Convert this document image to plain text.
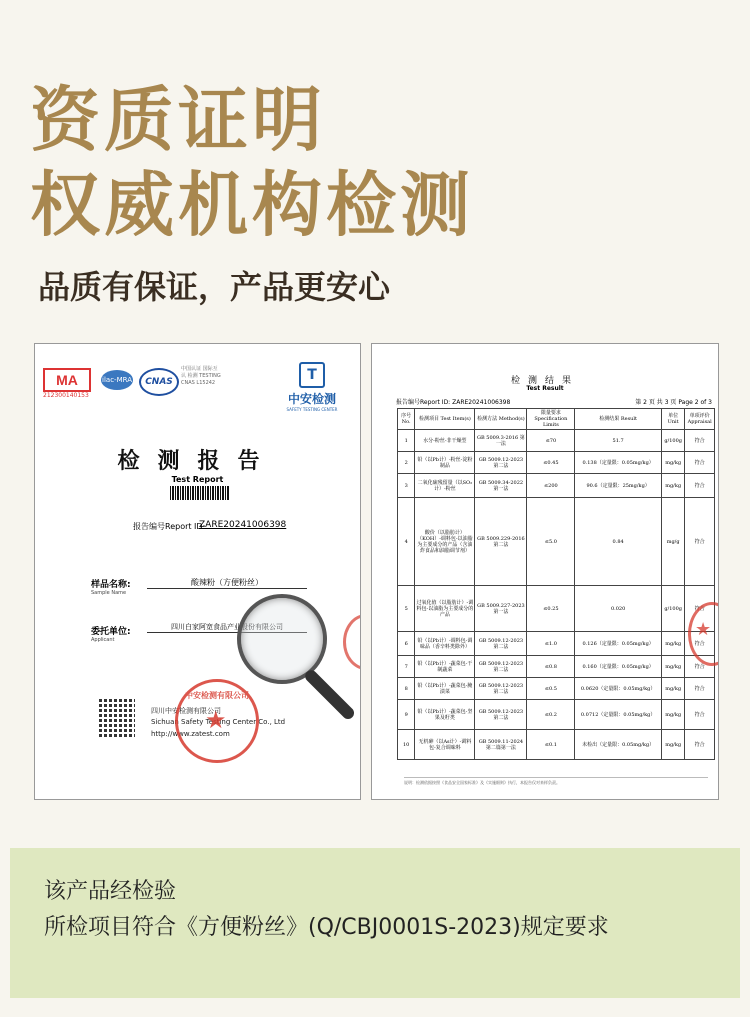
资质证明
权威机构检测
品质有保证，产品更安心
MA
212300140153
ilac-MRA	CNAS
中国认证 国际互认 检测 TESTING CNAS L15242	T
中安检测
SAFETY TESTING CENTER
检测报告
Test Report
报告编号Report ID:
ZARE20241006398
样品名称:
Sample Name
酸辣粉（方便粉丝）
委托单位:
Applicant
四川白家阿宽食品产业股份有限公司
四川中安检测有限公司
Sichuan Safety Testing Center Co., Ltd
http://www.zatest.com
中安检测有限公司
★
检测结果
Test Result
报告编号Report ID: ZARE20241006398	第 2 页 共 3 页 Page 2 of 3
序号 No.	检测项目 Test Item(s)	检测方法 Method(s)	限量要求 Specification Limits	检测结果 Result	单位 Unit	单项评价 Appraisal
1	水分-粉丝-非干燥型	GB 5009.3-2016 第一法	≤70	51.7	g/100g	符合
2	铅（以Pb计）-粉丝-淀粉制品	GB 5009.12-2023 第二法	≤0.45	0.138（定量限：0.05mg/kg）	mg/kg	符合
3	二氧化硫残留量（以SO₂计）-粉丝	GB 5009.34-2022 第一法	≤200	90.6（定量限：25mg/kg）	mg/kg	符合
4	酸价（以脂肪计）（KOH）-调料包-以油脂为主要成分的产品（含油炸食品和油脂调节剂）	GB 5009.229-2016 第二法	≤5.0	0.84	mg/g	符合
5	过氧化值（以脂肪计）-调料包-以油脂为主要成分的产品	GB 5009.227-2023 第一法	≤0.25	0.020	g/100g	符合
6	铅（以Pb计）-调料包-调味品（香辛料类除外）	GB 5009.12-2023 第二法	≤1.0	0.126（定量限：0.05mg/kg）	mg/kg	符合
7	铅（以Pb计）-蔬菜包-干制蔬菜	GB 5009.12-2023 第二法	≤0.8	0.160（定量限：0.05mg/kg）	mg/kg	符合
8	铅（以Pb计）-蔬菜包-腌渍菜	GB 5009.12-2023 第二法	≤0.5	0.0620（定量限：0.05mg/kg）	mg/kg	符合
9	铅（以Pb计）-蔬菜包-坚果及籽类	GB 5009.12-2023 第二法	≤0.2	0.0712（定量限：0.05mg/kg）	mg/kg	符合
10	无机砷（以As计）-调料包-复合调味料	GB 5009.11-2024 第二篇第一法	≤0.1	未检出（定量限：0.05mg/kg）	mg/kg	符合
说明：检测依据按照《食品安全国家标准》及《实施细则》执行，本报告仅对来样负责。
★
该产品经检验
所检项目符合《方便粉丝》(Q/CBJ0001S-2023)规定要求
